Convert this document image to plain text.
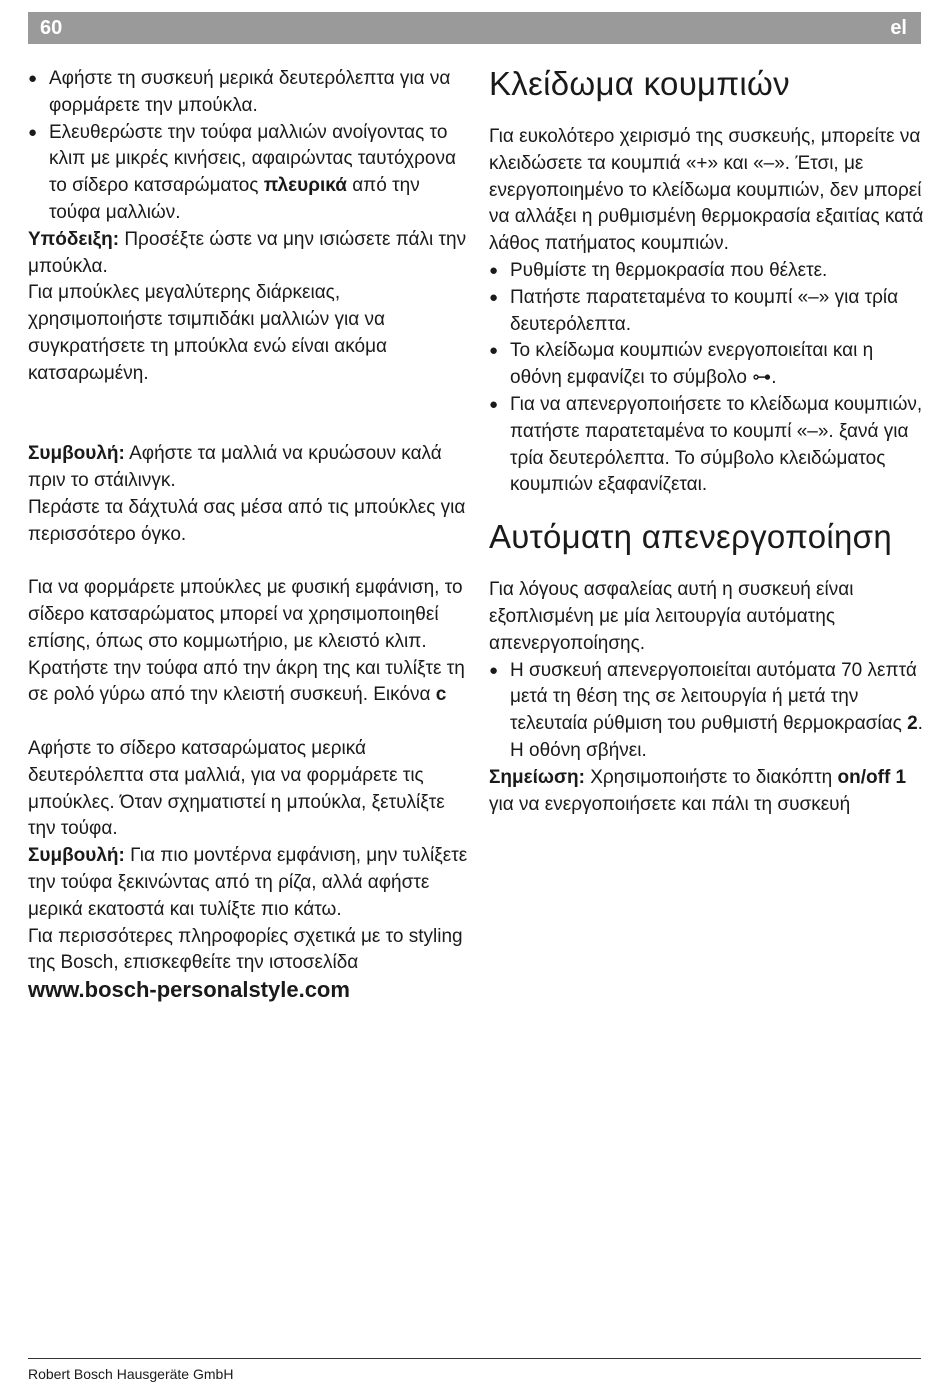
60	el
● Αφήστε τη συσκευή μερικά δευτερόλεπτα για να φορμάρετε την μπούκλα.
● Ελευθερώστε την τούφα μαλλιών ανοίγοντας το κλιπ με μικρές κινήσεις, αφαιρώντας ταυτόχρονα το σίδερο κατσαρώματος πλευρικά από την τούφα μαλλιών.

Υπόδειξη: Προσέξτε ώστε να μην ισιώσετε πάλι την μπούκλα.

Για μπούκλες μεγαλύτερης διάρκειας, χρησιμοποιήστε τσιμπιδάκι μαλλιών για να συγκρατήσετε τη μπούκλα ενώ είναι ακόμα κατσαρωμένη.

Συμβουλή: Αφήστε τα μαλλιά να κρυώσουν καλά πριν το στάιλινγκ.

Περάστε τα δάχτυλά σας μέσα από τις μπούκλες για περισσότερο όγκο.

Για να φορμάρετε μπούκλες με φυσική εμφάνιση, το σίδερο κατσαρώματος μπορεί να χρησιμοποιηθεί επίσης, όπως στο κομμωτήριο, με κλειστό κλιπ.

Κρατήστε την τούφα από την άκρη της και τυλίξτε τη σε ρολό γύρω από την κλειστή συσκευή. Εικόνα c

Αφήστε το σίδερο κατσαρώματος μερικά δευτερόλεπτα στα μαλλιά, για να φορμάρετε τις μπούκλες. Όταν σχηματιστεί η μπούκλα, ξετυλίξτε την τούφα.

Συμβουλή: Για πιο μοντέρνα εμφάνιση, μην τυλίξετε την τούφα ξεκινώντας από τη ρίζα, αλλά αφήστε μερικά εκατοστά και τυλίξτε πιο κάτω.

Για περισσότερες πληροφορίες σχετικά με το styling της Bosch, επισκεφθείτε την ιστοσελίδα

www.bosch-personalstyle.com

Κλείδωμα κουμπιών

Για ευκολότερο χειρισμό της συσκευής, μπορείτε να κλειδώσετε τα κουμπιά «+» και «–». Έτσι, με ενεργοποιημένο το κλείδωμα κουμπιών, δεν μπορεί να αλλάξει η ρυθμισμένη θερμοκρασία εξαιτίας κατά λάθος πατήματος κουμπιών.

● Ρυθμίστε τη θερμοκρασία που θέλετε.
● Πατήστε παρατεταμένα το κουμπί «–» για τρία δευτερόλεπτα.
● Το κλείδωμα κουμπιών ενεργοποιείται και η οθόνη εμφανίζει το σύμβολο ⊶.
● Για να απενεργοποιήσετε το κλείδωμα κουμπιών, πατήστε παρατεταμένα το κουμπί «–». ξανά για τρία δευτερόλεπτα. Το σύμβολο κλειδώματος κουμπιών εξαφανίζεται.
Αυτόματη απενεργοποίηση

Για λόγους ασφαλείας αυτή η συσκευή είναι εξοπλισμένη με μία λειτουργία αυτόματης απενεργοποίησης.

● Η συσκευή απενεργοποιείται αυτόματα 70 λεπτά μετά τη θέση της σε λειτουργία ή μετά την τελευταία ρύθμιση του ρυθμιστή θερμοκρασίας 2. Η οθόνη σβήνει.

Σημείωση: Χρησιμοποιήστε το διακόπτη on/off 1 για να ενεργοποιήσετε και πάλι τη συσκευή

Robert Bosch Hausgeräte GmbH
